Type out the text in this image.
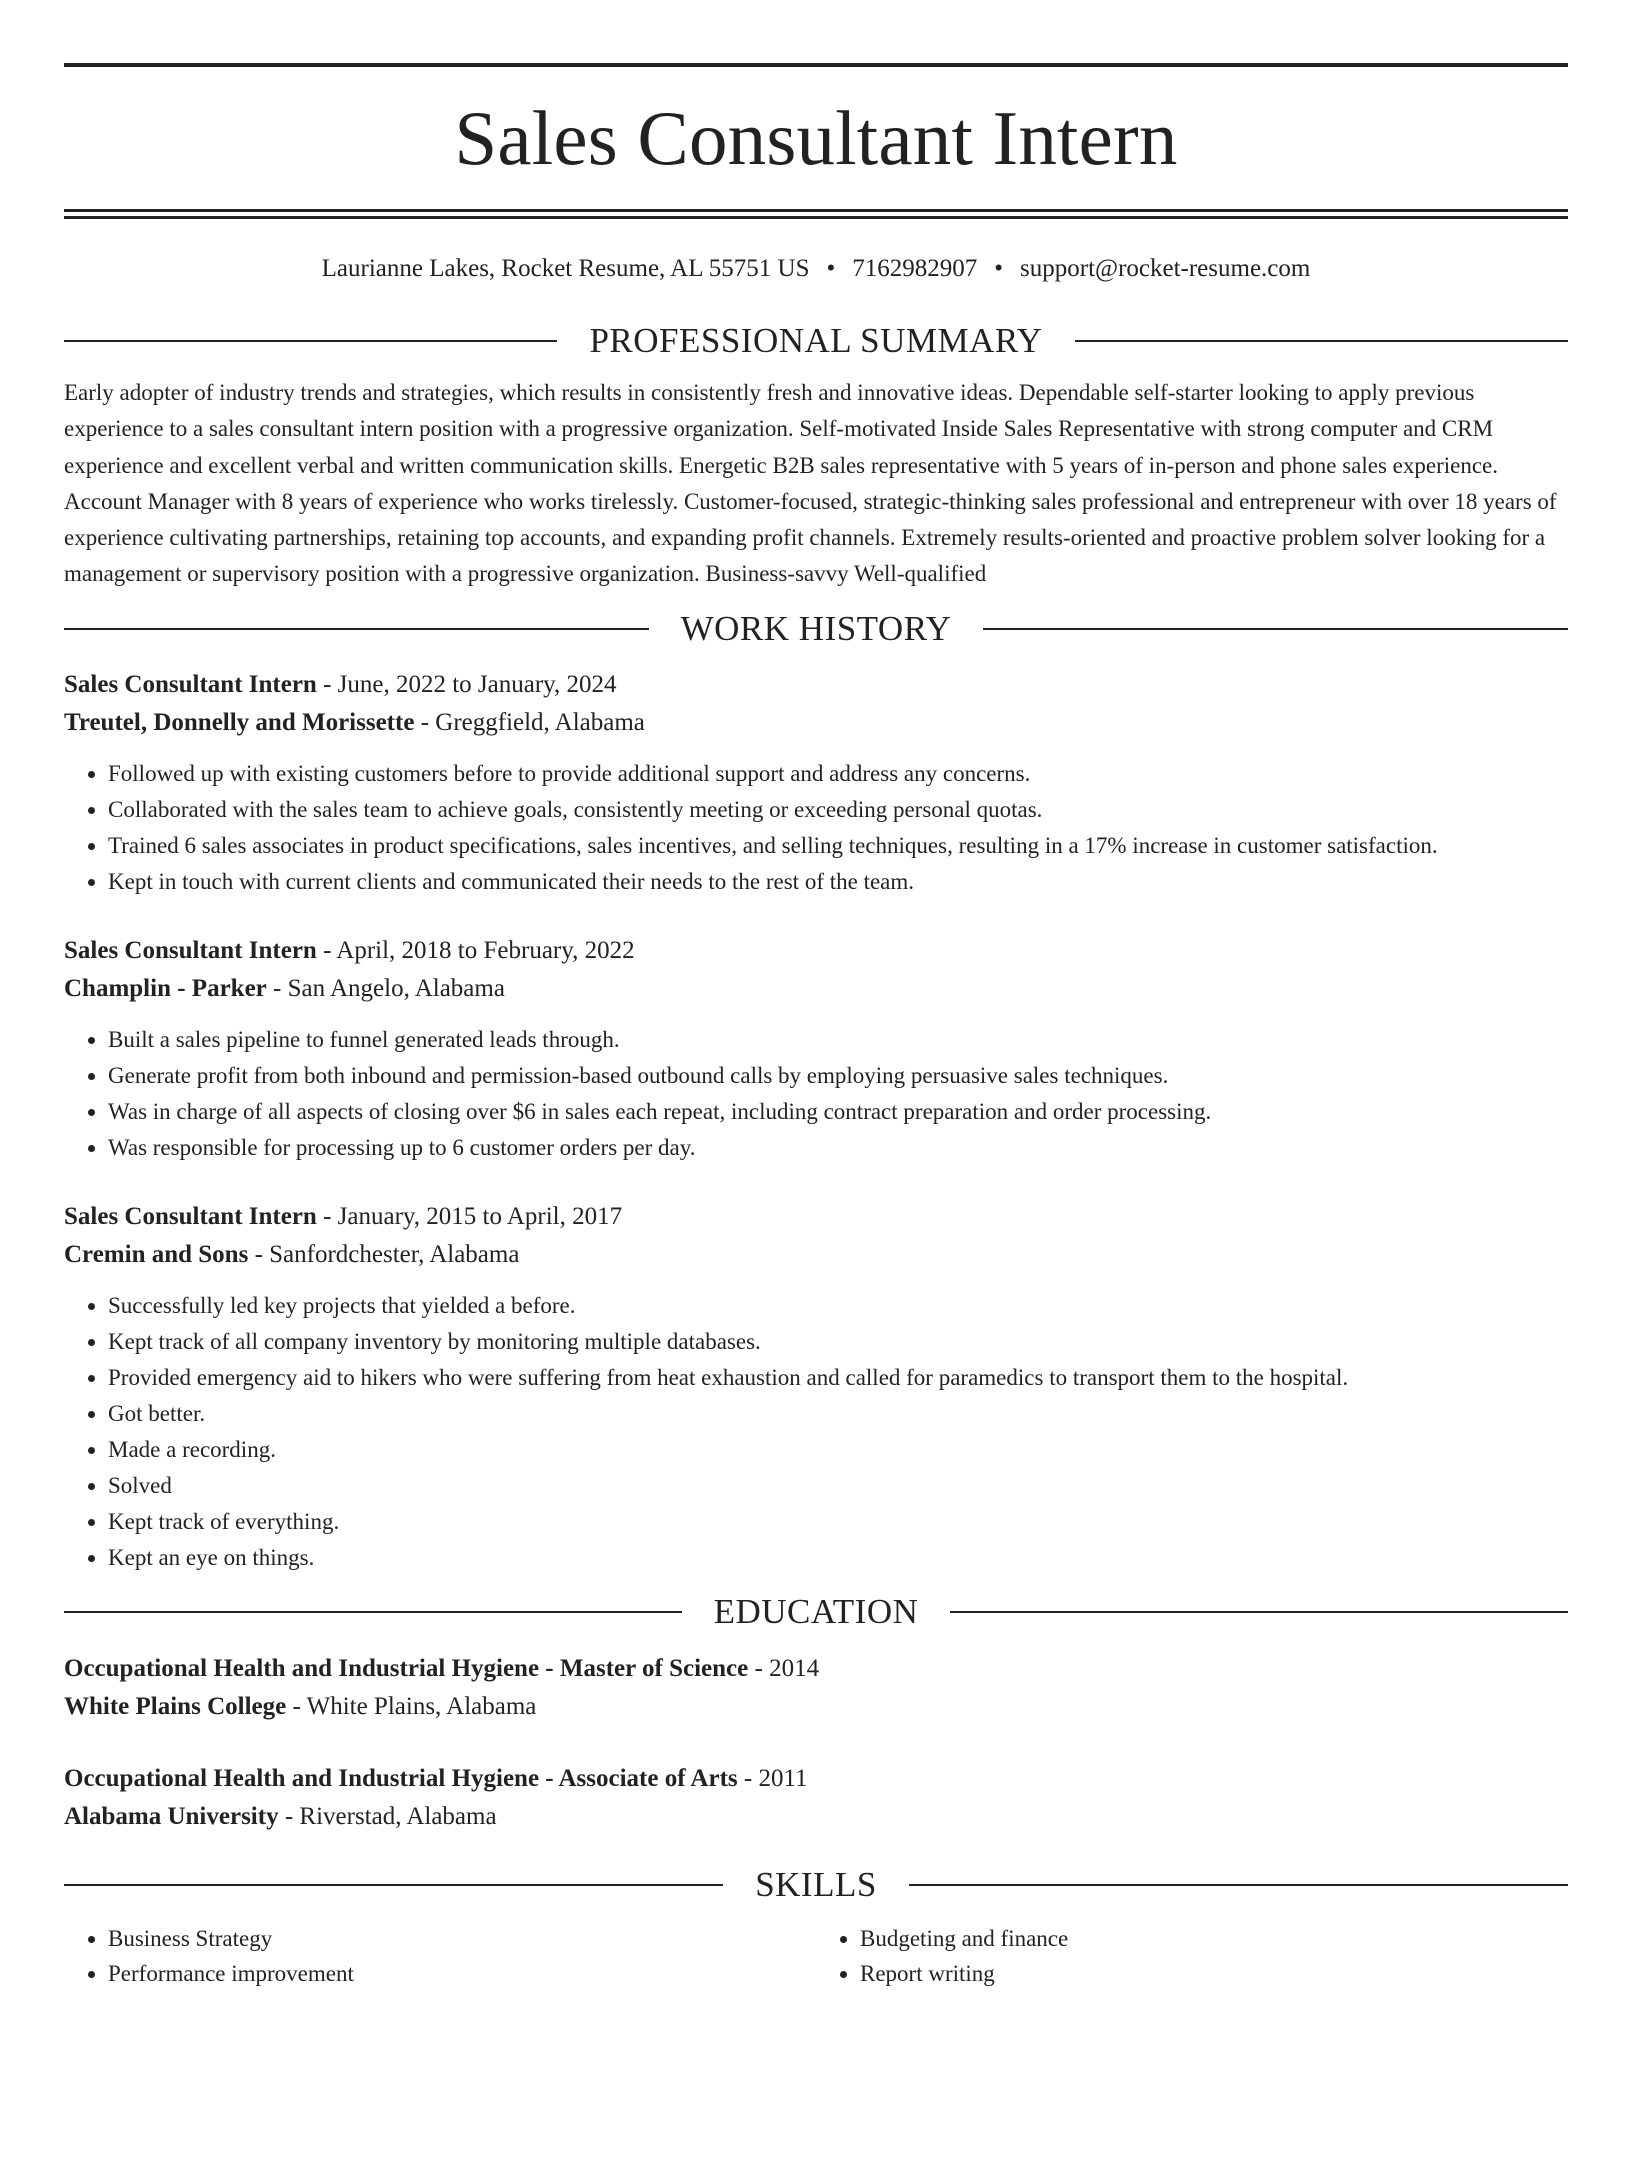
Sales Consultant Intern
Laurianne Lakes, Rocket Resume, AL 55751 US • 7162982907 • support@rocket-resume.com
PROFESSIONAL SUMMARY
Early adopter of industry trends and strategies, which results in consistently fresh and innovative ideas. Dependable self-starter looking to apply previous experience to a sales consultant intern position with a progressive organization. Self-motivated Inside Sales Representative with strong computer and CRM experience and excellent verbal and written communication skills. Energetic B2B sales representative with 5 years of in-person and phone sales experience. Account Manager with 8 years of experience who works tirelessly. Customer-focused, strategic-thinking sales professional and entrepreneur with over 18 years of experience cultivating partnerships, retaining top accounts, and expanding profit channels. Extremely results-oriented and proactive problem solver looking for a management or supervisory position with a progressive organization. Business-savvy Well-qualified
WORK HISTORY
Sales Consultant Intern - June, 2022 to January, 2024
Treutel, Donnelly and Morissette - Greggfield, Alabama
• Followed up with existing customers before to provide additional support and address any concerns.
• Collaborated with the sales team to achieve goals, consistently meeting or exceeding personal quotas.
• Trained 6 sales associates in product specifications, sales incentives, and selling techniques, resulting in a 17% increase in customer satisfaction.
• Kept in touch with current clients and communicated their needs to the rest of the team.
Sales Consultant Intern - April, 2018 to February, 2022
Champlin - Parker - San Angelo, Alabama
• Built a sales pipeline to funnel generated leads through.
• Generate profit from both inbound and permission-based outbound calls by employing persuasive sales techniques.
• Was in charge of all aspects of closing over $6 in sales each repeat, including contract preparation and order processing.
• Was responsible for processing up to 6 customer orders per day.
Sales Consultant Intern - January, 2015 to April, 2017
Cremin and Sons - Sanfordchester, Alabama
• Successfully led key projects that yielded a before.
• Kept track of all company inventory by monitoring multiple databases.
• Provided emergency aid to hikers who were suffering from heat exhaustion and called for paramedics to transport them to the hospital.
• Got better.
• Made a recording.
• Solved
• Kept track of everything.
• Kept an eye on things.
EDUCATION
Occupational Health and Industrial Hygiene - Master of Science - 2014
White Plains College - White Plains, Alabama
Occupational Health and Industrial Hygiene - Associate of Arts - 2011
Alabama University - Riverstad, Alabama
SKILLS
• Business Strategy
• Performance improvement
• Budgeting and finance
• Report writing
